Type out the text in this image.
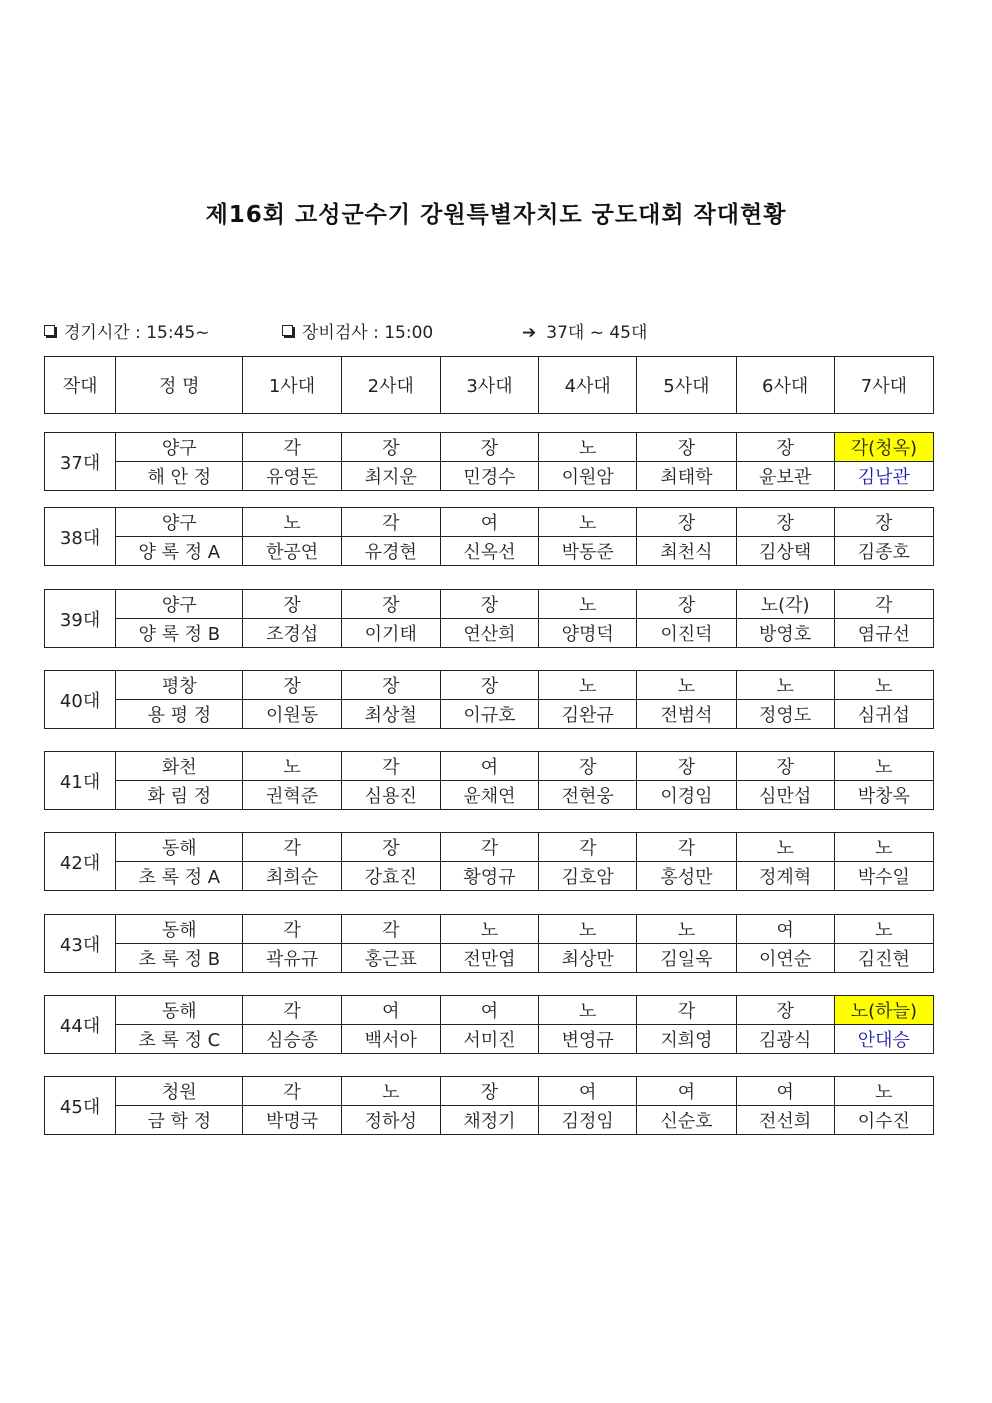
제16회 고성군수기 강원특별자치도 궁도대회 작대현황
경기시간 : 15:45~	장비검사 : 15:00	➔ 37대 ~ 45대
작대	정 명	1사대	2사대	3사대	4사대	5사대	6사대	7사대
37대	양구	각	장	장	노	장	장	각(청옥)
	해 안 정	유영돈	최지운	민경수	이원암	최태학	윤보관	김남관
38대	양구	노	각	여	노	장	장	장
	양 록 정 A	한공연	유경현	신옥선	박동준	최천식	김상택	김종호
39대	양구	장	장	장	노	장	노(각)	각
	양 록 정 B	조경섭	이기태	연산희	양명덕	이진덕	방영호	염규선
40대	평창	장	장	장	노	노	노	노
	용 평 정	이원동	최상철	이규호	김완규	전범석	정영도	심귀섭
41대	화천	노	각	여	장	장	장	노
	화 림 정	권혁준	심용진	윤채연	전현웅	이경임	심만섭	박창옥
42대	동해	각	장	각	각	각	노	노
	초 록 정 A	최희순	강효진	황영규	김호암	홍성만	정계혁	박수일
43대	동해	각	각	노	노	노	여	노
	초 록 정 B	곽유규	홍근표	전만엽	최상만	김일욱	이연순	김진현
44대	동해	각	여	여	노	각	장	노(하늘)
	초 록 정 C	심승종	백서아	서미진	변영규	지희영	김광식	안대승
45대	청원	각	노	장	여	여	여	노
	금 학 정	박명국	정하성	채정기	김정임	신순호	전선희	이수진
